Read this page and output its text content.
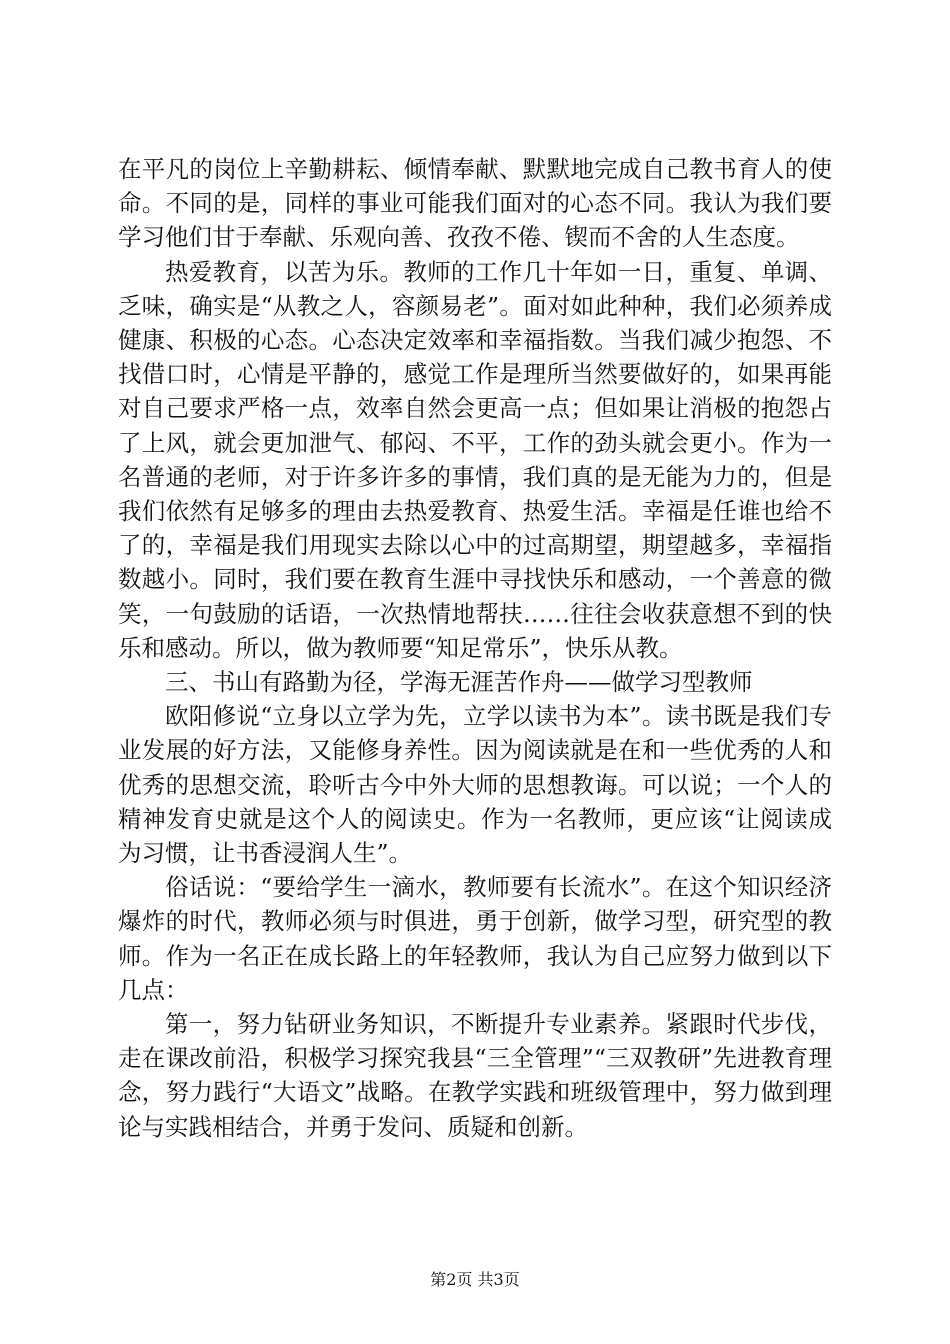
在平凡的岗位上辛勤耕耘、倾情奉献、默默地完成自己教书育人的使命。不同的是，同样的事业可能我们面对的心态不同。我认为我们要学习他们甘于奉献、乐观向善、孜孜不倦、锲而不舍的人生态度。

热爱教育，以苦为乐。教师的工作几十年如一日，重复、单调、乏味，确实是“从教之人，容颜易老”。面对如此种种，我们必须养成健康、积极的心态。心态决定效率和幸福指数。当我们减少抱怨、不找借口时，心情是平静的，感觉工作是理所当然要做好的，如果再能对自己要求严格一点，效率自然会更高一点；但如果让消极的抱怨占了上风，就会更加泄气、郁闷、不平，工作的劲头就会更小。作为一名普通的老师，对于许多许多的事情，我们真的是无能为力的，但是我们依然有足够多的理由去热爱教育、热爱生活。幸福是任谁也给不了的，幸福是我们用现实去除以心中的过高期望，期望越多，幸福指数越小。同时，我们要在教育生涯中寻找快乐和感动，一个善意的微笑，一句鼓励的话语，一次热情地帮扶……往往会收获意想不到的快乐和感动。所以，做为教师要“知足常乐”，快乐从教。

三、书山有路勤为径，学海无涯苦作舟——做学习型教师

欧阳修说“立身以立学为先，立学以读书为本”。读书既是我们专业发展的好方法，又能修身养性。因为阅读就是在和一些优秀的人和优秀的思想交流，聆听古今中外大师的思想教诲。可以说；一个人的精神发育史就是这个人的阅读史。作为一名教师，更应该“让阅读成为习惯，让书香浸润人生”。

俗话说：“要给学生一滴水，教师要有长流水”。在这个知识经济爆炸的时代，教师必须与时俱进，勇于创新，做学习型，研究型的教师。作为一名正在成长路上的年轻教师，我认为自己应努力做到以下几点：

第一，努力钻研业务知识，不断提升专业素养。紧跟时代步伐，走在课改前沿，积极学习探究我县“三全管理”“三双教研”先进教育理念，努力践行“大语文”战略。在教学实践和班级管理中，努力做到理论与实践相结合，并勇于发问、质疑和创新。

第2页 共3页
